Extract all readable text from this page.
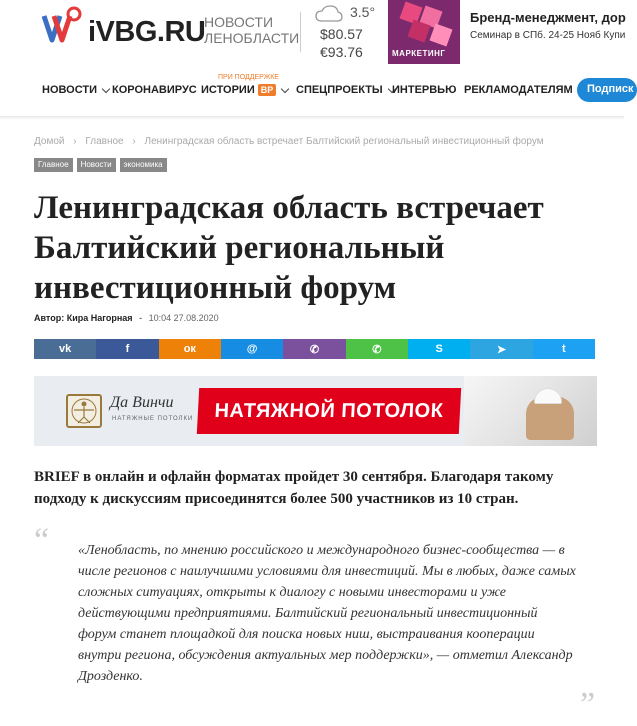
iVBG.RU
НОВОСТИ ЛЕНОБЛАСТИ
3.5°
$80.57
€93.76	МАРКЕТИНГ
Бренд-менеджмент, дор
Семинар в СПб. 24-25 Нояб Купи
ПРИ ПОДДЕРЖКЕ
НОВОСТИ КОРОНАВИРУС ИСТОРИИ ВР СПЕЦПРОЕКТЫ ИНТЕРВЬЮ РЕКЛАМОДАТЕЛЯМ	Подписк
Домой › Главное › Ленинградская область встречает Балтийский региональный инвестиционный форум
Главное	Новости	экономика
Ленинградская область встречает Балтийский региональный инвестиционный форум
Автор: Кира Нагорная - 10:04 27.08.2020
vk	f	ок	@	✆	✆	S	➤	t
Да Винчи
НАТЯЖНЫЕ ПОТОЛКИ	НАТЯЖНОЙ ПОТОЛОК

BRIEF в онлайн и офлайн форматах пройдет 30 сентября. Благодаря такому подходу к дискуссиям присоединятся более 500 участников из 10 стран.

“ «Ленобласть, по мнению российского и международного бизнес-сообщества — в числе регионов с наилучшими условиями для инвестиций. Мы в любых, даже самых сложных ситуациях, открыты к диалогу с новыми инвесторами и уже действующими предприятиями. Балтийский региональный инвестиционный форум станет площадкой для поиска новых ниш, выстраивания кооперации внутри региона, обсуждения актуальных мер поддержки», — отметил Александр Дрозденко.

”
